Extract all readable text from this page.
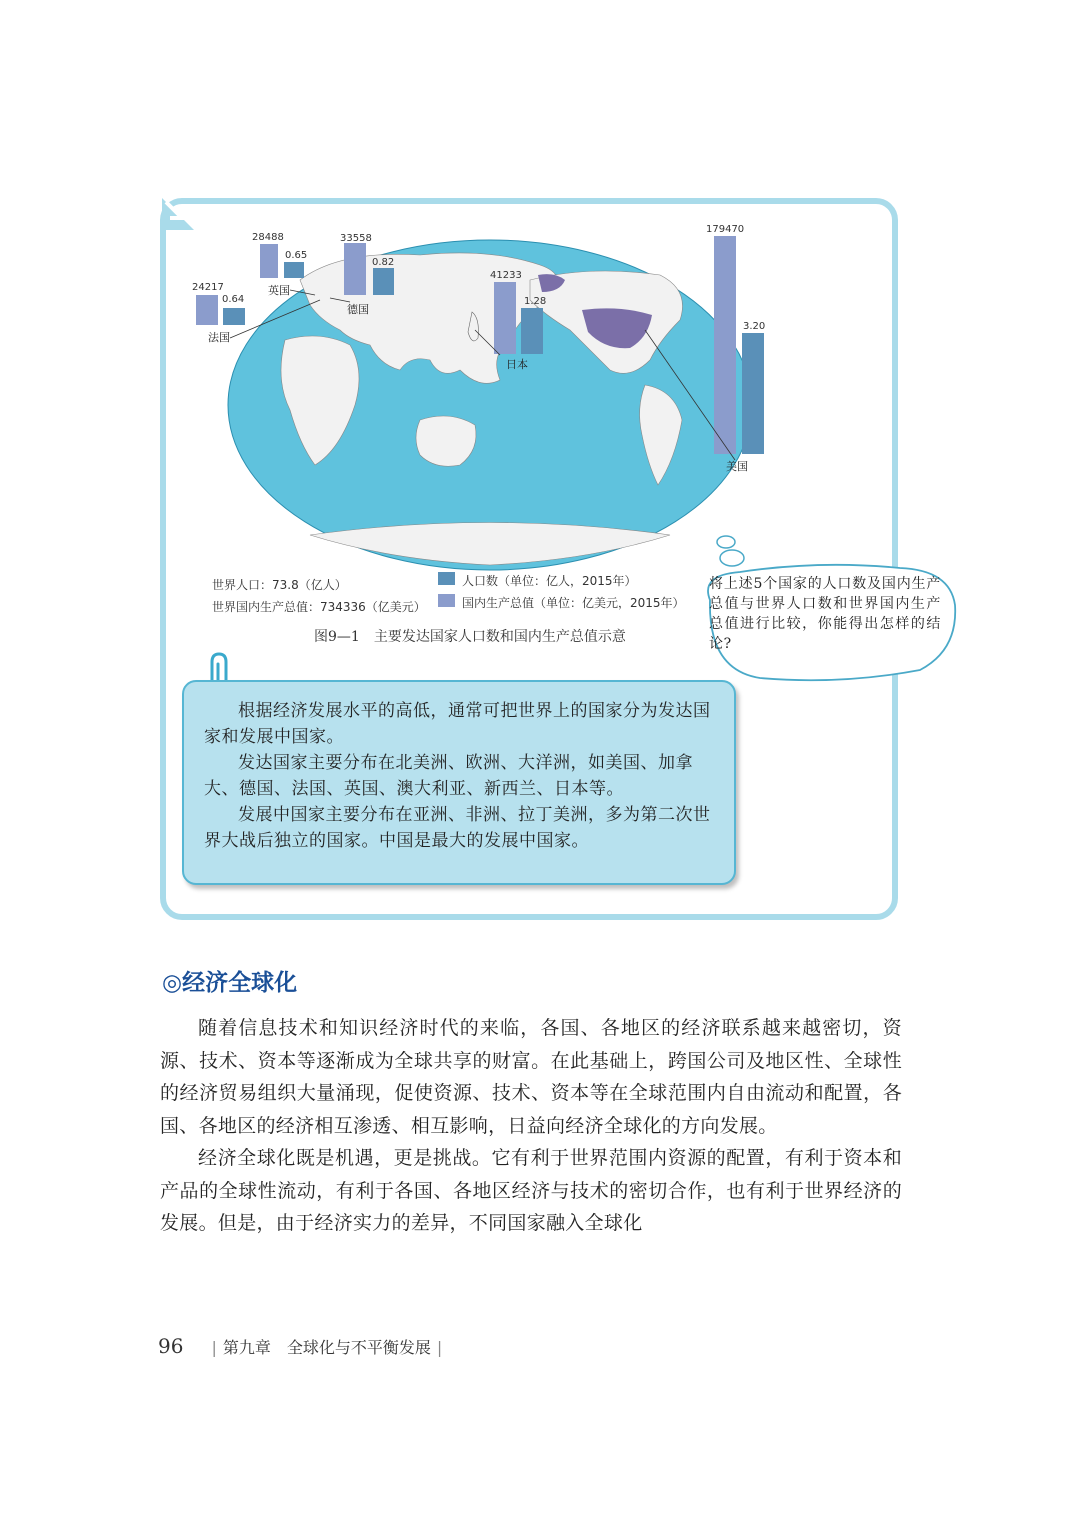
24217
0.64
法国
28488
0.65
英国
33558
0.82
德国
41233
1.28
日本
179470
3.20
美国
世界人口：73.8（亿人）
世界国内生产总值：734336（亿美元）
人口数（单位：亿人，2015年）
国内生产总值（单位：亿美元，2015年）
图9—1　主要发达国家人口数和国内生产总值示意
将上述5个国家的人口数及国内生产总值与世界人口数和世界国内生产总值进行比较，你能得出怎样的结论?

根据经济发展水平的高低，通常可把世界上的国家分为发达国家和发展中国家。

发达国家主要分布在北美洲、欧洲、大洋洲，如美国、加拿大、德国、法国、英国、澳大利亚、新西兰、日本等。

发展中国家主要分布在亚洲、非洲、拉丁美洲，多为第二次世界大战后独立的国家。中国是最大的发展中国家。

◎经济全球化

随着信息技术和知识经济时代的来临，各国、各地区的经济联系越来越密切，资源、技术、资本等逐渐成为全球共享的财富。在此基础上，跨国公司及地区性、全球性的经济贸易组织大量涌现，促使资源、技术、资本等在全球范围内自由流动和配置，各国、各地区的经济相互渗透、相互影响，日益向经济全球化的方向发展。

经济全球化既是机遇，更是挑战。它有利于世界范围内资源的配置，有利于资本和产品的全球性流动，有利于各国、各地区经济与技术的密切合作，也有利于世界经济的发展。但是，由于经济实力的差异，不同国家融入全球化

96 | 第九章　全球化与不平衡发展 |
